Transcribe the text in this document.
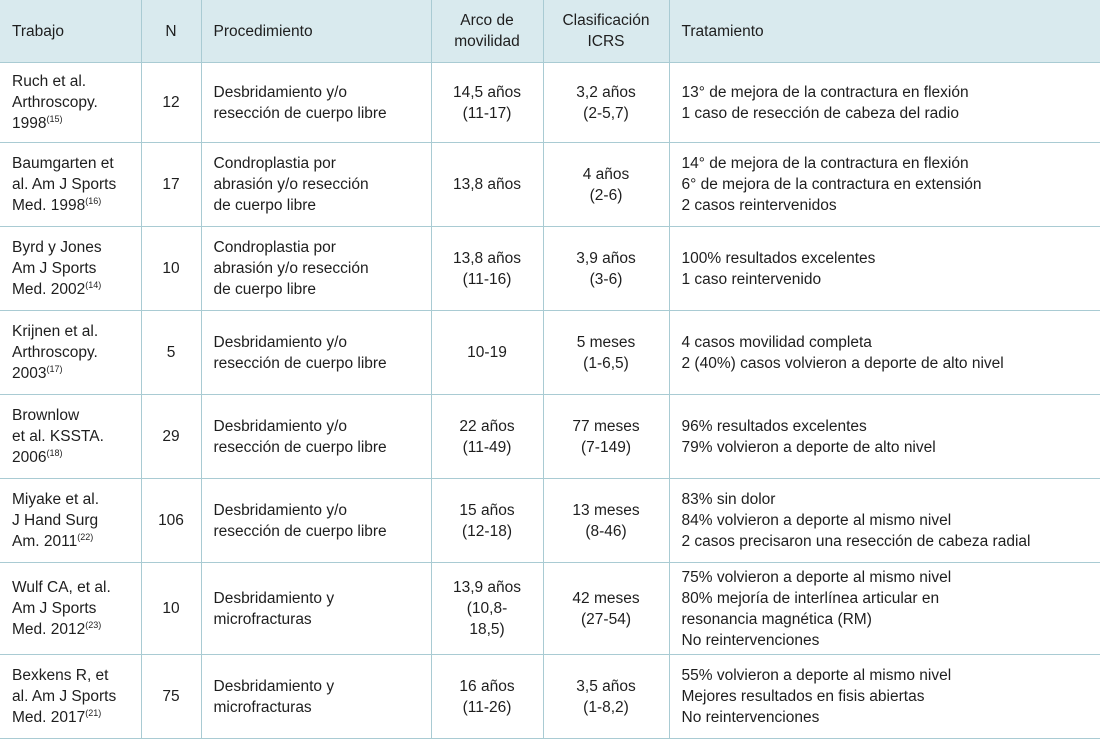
Trabajo	N	Procedimiento	Arco de
movilidad	Clasificación
ICRS	Tratamiento

Ruch et al.
Arthroscopy.
1998$^{(15)}$	12	Desbridamiento y/o
resección de cuerpo libre	14,5 años
(11-17)	3,2 años
(2-5,7)	13° de mejora de la contractura en flexión
1 caso de resección de cabeza del radio

Baumgarten et
al. Am J Sports
Med. 1998$^{(16)}$	17	Condroplastia por
abrasión y/o resección
de cuerpo libre	13,8 años	4 años
(2-6)	14° de mejora de la contractura en flexión
6° de mejora de la contractura en extensión
2 casos reintervenidos

Byrd y Jones
Am J Sports
Med. 2002$^{(14)}$	10	Condroplastia por
abrasión y/o resección
de cuerpo libre	13,8 años
(11-16)	3,9 años
(3-6)	100% resultados excelentes
1 caso reintervenido

Krijnen et al.
Arthroscopy.
2003$^{(17)}$	5	Desbridamiento y/o
resección de cuerpo libre	10-19	5 meses
(1-6,5)	4 casos movilidad completa
2 (40%) casos volvieron a deporte de alto nivel

Brownlow
et al. KSSTA.
2006$^{(18)}$	29	Desbridamiento y/o
resección de cuerpo libre	22 años
(11-49)	77 meses
(7-149)	96% resultados excelentes
79% volvieron a deporte de alto nivel

Miyake et al.
J Hand Surg
Am. 2011$^{(22)}$	106	Desbridamiento y/o
resección de cuerpo libre	15 años
(12-18)	13 meses
(8-46)	83% sin dolor
84% volvieron a deporte al mismo nivel
2 casos precisaron una resección de cabeza radial

Wulf CA, et al.
Am J Sports
Med. 2012$^{(23)}$	10	Desbridamiento y
microfracturas	13,9 años
(10,8-
18,5)	42 meses
(27-54)	75% volvieron a deporte al mismo nivel
80% mejoría de interlínea articular en
resonancia magnética (RM)
No reintervenciones

Bexkens R, et
al. Am J Sports
Med. 2017$^{(21)}$	75	Desbridamiento y
microfracturas	16 años
(11-26)	3,5 años
(1-8,2)	55% volvieron a deporte al mismo nivel
Mejores resultados en fisis abiertas
No reintervenciones
